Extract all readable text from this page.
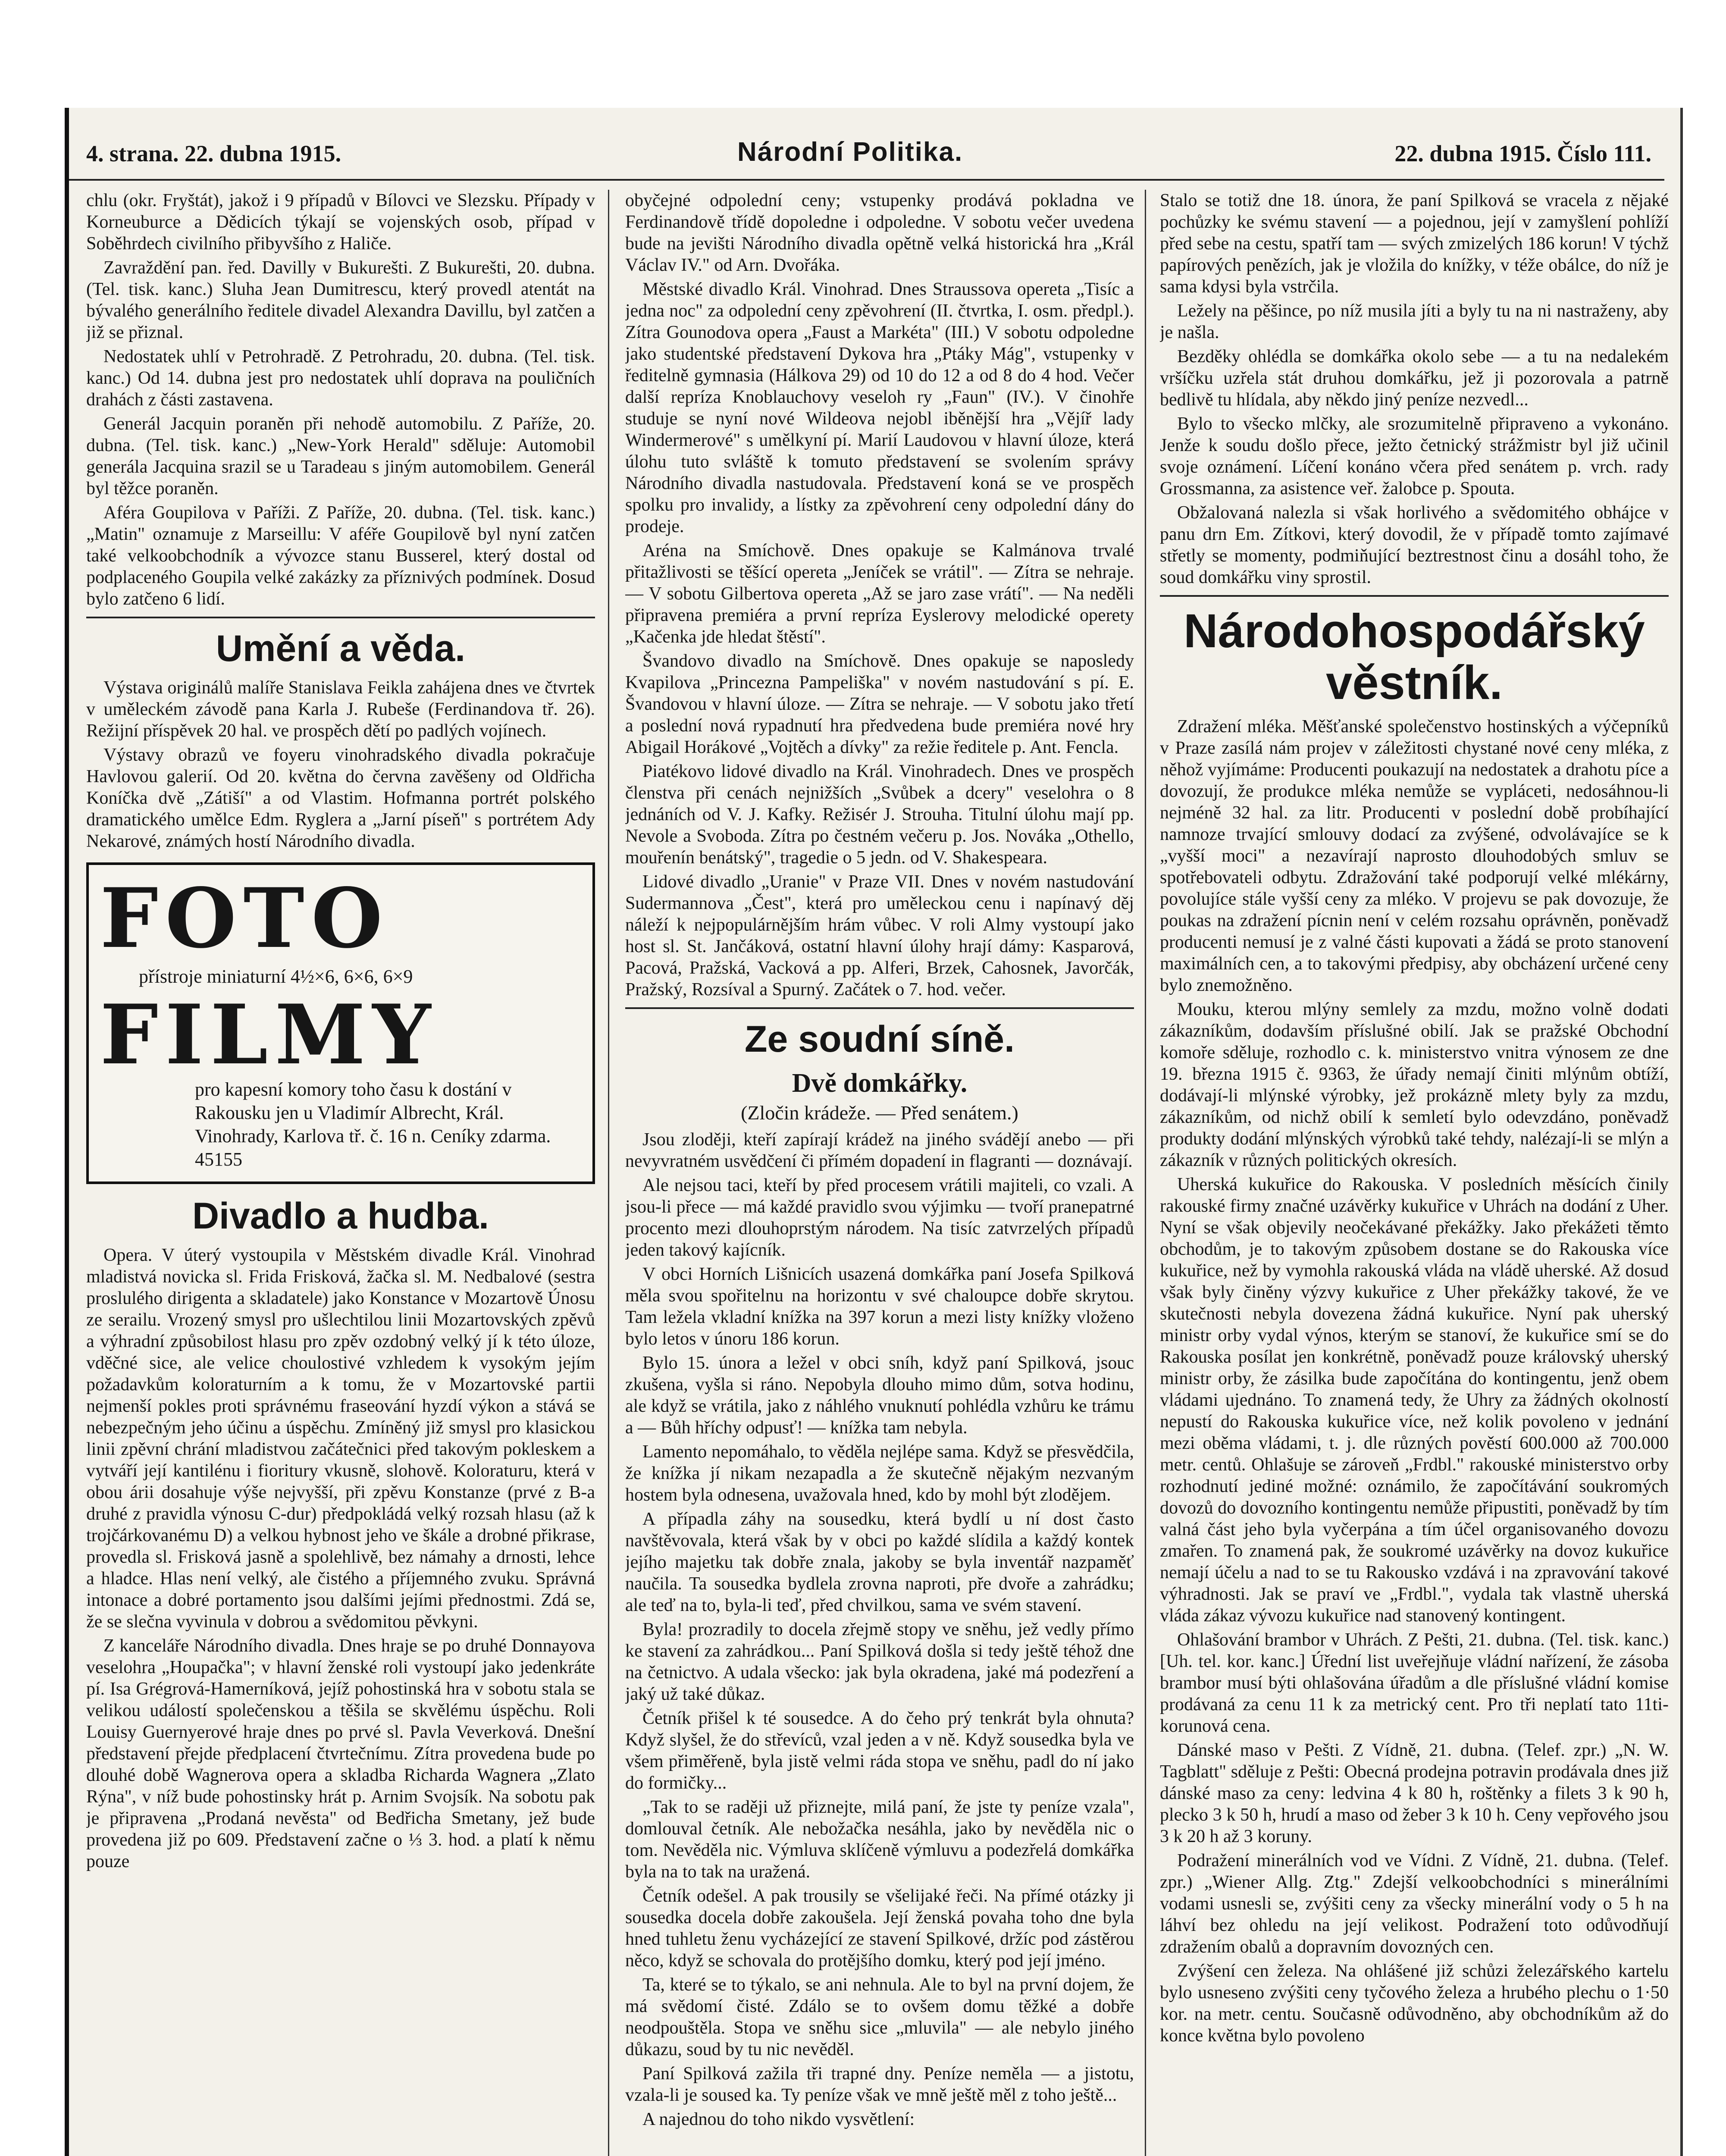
4. strana. 22. dubna 1915.	Národní Politika.	22. dubna 1915. Číslo 111.

chlu (okr. Fryštát), jakož i 9 případů v Bílovci ve Slezsku. Případy v Korneuburce a Dědicích týkají se vojenských osob, případ v Soběhrdech civilního přibyvšího z Haliče.

Zavraždění pan. řed. Davilly v Bukurešti. Z Bukurešti, 20. dubna. (Tel. tisk. kanc.) Sluha Jean Dumitrescu, který provedl atentát na bývalého generálního ředitele divadel Alexandra Davillu, byl zatčen a již se přiznal.

Nedostatek uhlí v Petrohradě. Z Petrohradu, 20. dubna. (Tel. tisk. kanc.) Od 14. dubna jest pro nedostatek uhlí doprava na pouličních drahách z části zastavena.

Generál Jacquin poraněn při nehodě automobilu. Z Paříže, 20. dubna. (Tel. tisk. kanc.) „New-York Herald" sděluje: Automobil generála Jacquina srazil se u Taradeau s jiným automobilem. Generál byl těžce poraněn.

Aféra Goupilova v Paříži. Z Paříže, 20. dubna. (Tel. tisk. kanc.) „Matin" oznamuje z Marseillu: V aféře Goupilově byl nyní zatčen také velkoobchodník a vývozce stanu Busserel, který dostal od podplaceného Goupila velké zakázky za příznivých podmínek. Dosud bylo zatčeno 6 lidí.

Umění a věda.

Výstava originálů malíře Stanislava Feikla zahájena dnes ve čtvrtek v uměleckém závodě pana Karla J. Rubeše (Ferdinandova tř. 26). Režijní příspěvek 20 hal. ve prospěch dětí po padlých vojínech.

Výstavy obrazů ve foyeru vinohradského divadla pokračuje Havlovou galerií. Od 20. května do června zavěšeny od Oldřicha Koníčka dvě „Zátiší" a od Vlastim. Hofmanna portrét polského dramatického umělce Edm. Ryglera a „Jarní píseň" s portrétem Ady Nekarové, známých hostí Národního divadla.

FOTO
přístroje miniaturní 4½×6, 6×6, 6×9
FILMY
pro kapesní komory toho času k dostání v Rakousku jen u Vladimír Albrecht, Král. Vinohrady, Karlova tř. č. 16 n. Ceníky zdarma. 45155
Divadlo a hudba.

Opera. V úterý vystoupila v Městském divadle Král. Vinohrad mladistvá novicka sl. Frida Frisková, žačka sl. M. Nedbalové (sestra proslulého dirigenta a skladatele) jako Konstance v Mozartově Únosu ze serailu. Vrozený smysl pro ušlechtilou linii Mozartovských zpěvů a výhradní způsobilost hlasu pro zpěv ozdobný velký jí k této úloze, vděčné sice, ale velice choulostivé vzhledem k vysokým jejím požadavkům koloraturním a k tomu, že v Mozartovské partii nejmenší pokles proti správnému fraseování hyzdí výkon a stává se nebezpečným jeho účinu a úspěchu. Zmíněný již smysl pro klasickou linii zpěvní chrání mladistvou začátečnici před takovým pokleskem a vytváří její kantilénu i fioritury vkusně, slohově. Koloraturu, která v obou árii dosahuje výše nejvyšší, při zpěvu Konstanze (prvé z B-a druhé z pravidla výnosu C-dur) předpokládá velký rozsah hlasu (až k trojčárkovanému D) a velkou hybnost jeho ve škále a drobné přikrase, provedla sl. Frisková jasně a spolehlivě, bez námahy a drnosti, lehce a hladce. Hlas není velký, ale čistého a příjemného zvuku. Správná intonace a dobré portamento jsou dalšími jejími přednostmi. Zdá se, že se slečna vyvinula v dobrou a svědomitou pěvkyni.

Z kanceláře Národního divadla. Dnes hraje se po druhé Donnayova veselohra „Houpačka"; v hlavní ženské roli vystoupí jako jedenkráte pí. Isa Grégrová-Hamerníková, jejíž pohostinská hra v sobotu stala se velikou událostí společenskou a těšila se skvělému úspěchu. Roli Louisy Guernyerové hraje dnes po prvé sl. Pavla Veverková. Dnešní představení přejde předplacení čtvrtečnímu. Zítra provedena bude po dlouhé době Wagnerova opera a skladba Richarda Wagnera „Zlato Rýna", v níž bude pohostinsky hrát p. Arnim Svojsík. Na sobotu pak je připravena „Prodaná nevěsta" od Bedřicha Smetany, jež bude provedena již po 609. Představení začne o ⅓ 3. hod. a platí k němu pouze

obyčejné odpolední ceny; vstupenky prodává pokladna ve Ferdinandově třídě dopoledne i odpoledne. V sobotu večer uvedena bude na jevišti Národního divadla opětně velká historická hra „Král Václav IV." od Arn. Dvořáka.

Městské divadlo Král. Vinohrad. Dnes Straussova opereta „Tisíc a jedna noc" za odpolední ceny zpěvohrení (II. čtvrtka, I. osm. předpl.). Zítra Gounodova opera „Faust a Markéta" (III.) V sobotu odpoledne jako studentské představení Dykova hra „Ptáky Mág", vstupenky v ředitelně gymnasia (Hálkova 29) od 10 do 12 a od 8 do 4 hod. Večer další repríza Knoblauchovy veseloh ry „Faun" (IV.). V činohře studuje se nyní nové Wildeova nejobl iběnější hra „Vějíř lady Windermerové" s umělkyní pí. Marií Laudovou v hlavní úloze, která úlohu tuto svláště k tomuto představení se svolením správy Národního divadla nastudovala. Představení koná se ve prospěch spolku pro invalidy, a lístky za zpěvohrení ceny odpolední dány do prodeje.

Aréna na Smíchově. Dnes opakuje se Kalmánova trvalé přitažlivosti se těšící opereta „Jeníček se vrátil". — Zítra se nehraje. — V sobotu Gilbertova opereta „Až se jaro zase vrátí". — Na neděli připravena premiéra a první repríza Eyslerovy melodické operety „Kačenka jde hledat štěstí".

Švandovo divadlo na Smíchově. Dnes opakuje se naposledy Kvapilova „Princezna Pampeliška" v novém nastudování s pí. E. Švandovou v hlavní úloze. — Zítra se nehraje. — V sobotu jako třetí a poslední nová rypadnutí hra předvedena bude premiéra nové hry Abigail Horákové „Vojtěch a dívky" za režie ředitele p. Ant. Fencla.

Piatékovo lidové divadlo na Král. Vinohradech. Dnes ve prospěch členstva při cenách nejnižších „Svůbek a dcery" veselohra o 8 jednáních od V. J. Kafky. Režisér J. Strouha. Titulní úlohu mají pp. Nevole a Svoboda. Zítra po čestném večeru p. Jos. Nováka „Othello, mouřenín benátský", tragedie o 5 jedn. od V. Shakespeara.

Lidové divadlo „Uranie" v Praze VII. Dnes v novém nastudování Sudermannova „Čest", která pro uměleckou cenu i napínavý děj náleží k nejpopulárnějším hrám vůbec. V roli Almy vystoupí jako host sl. St. Jančáková, ostatní hlavní úlohy hrají dámy: Kasparová, Pacová, Pražská, Vacková a pp. Alferi, Brzek, Cahosnek, Javorčák, Pražský, Rozsíval a Spurný. Začátek o 7. hod. večer.

Ze soudní síně.
Dvě domkářky.
(Zločin krádeže. — Před senátem.)

Jsou zloději, kteří zapírají krádež na jiného svádějí anebo — při nevyvratném usvědčení či přímém dopadení in flagranti — doznávají.

Ale nejsou taci, kteří by před procesem vrátili majiteli, co vzali. A jsou-li přece — má každé pravidlo svou výjimku — tvoří pranepatrné procento mezi dlouhoprstým národem. Na tisíc zatvrzelých případů jeden takový kajícník.

V obci Horních Lišnicích usazená domkářka paní Josefa Spilková měla svou spořitelnu na horizontu v své chaloupce dobře skrytou. Tam ležela vkladní knížka na 397 korun a mezi listy knížky vloženo bylo letos v únoru 186 korun.

Bylo 15. února a ležel v obci sníh, když paní Spilková, jsouc zkušena, vyšla si ráno. Nepobyla dlouho mimo dům, sotva hodinu, ale když se vrátila, jako z náhlého vnuknutí pohlédla vzhůru ke trámu a — Bůh hříchy odpusť! — knížka tam nebyla.

Lamento nepomáhalo, to věděla nejlépe sama. Když se přesvědčila, že knížka jí nikam nezapadla a že skutečně nějakým nezvaným hostem byla odnesena, uvažovala hned, kdo by mohl být zlodějem.

A případla záhy na sousedku, která bydlí u ní dost často navštěvovala, která však by v obci po každé slídila a každý kontek jejího majetku tak dobře znala, jakoby se byla inventář nazpaměť naučila. Ta sousedka bydlela zrovna naproti, pře dvoře a zahrádku; ale teď na to, byla-li teď, před chvilkou, sama ve svém stavení.

Byla! prozradily to docela zřejmě stopy ve sněhu, jež vedly přímo ke stavení za zahrádkou... Paní Spilková došla si tedy ještě téhož dne na četnictvo. A udala všecko: jak byla okradena, jaké má podezření a jaký už také důkaz.

Četník přišel k té sousedce. A do čeho prý tenkrát byla ohnuta? Když slyšel, že do střevíců, vzal jeden a v ně. Když sousedka byla ve všem přiměřeně, byla jistě velmi ráda stopa ve sněhu, padl do ní jako do formičky...

„Tak to se raději už přiznejte, milá paní, že jste ty peníze vzala", domlouval četník. Ale nebožačka nesáhla, jako by nevěděla nic o tom. Nevěděla nic. Výmluva sklíčeně výmluvu a podezřelá domkářka byla na to tak na uražená.

Četník odešel. A pak trousily se všelijaké řeči. Na přímé otázky ji sousedka docela dobře zakoušela. Její ženská povaha toho dne byla hned tuhletu ženu vycházející ze stavení Spilkové, držíc pod zástěrou něco, když se schovala do protějšího domku, který pod její jméno.

Ta, které se to týkalo, se ani nehnula. Ale to byl na první dojem, že má svědomí čisté. Zdálo se to ovšem domu těžké a dobře neodpouštěla. Stopa ve sněhu sice „mluvila" — ale nebylo jiného důkazu, soud by tu nic nevěděl.

Paní Spilková zažila tři trapné dny. Peníze neměla — a jistotu, vzala-li je soused ka. Ty peníze však ve mně ještě měl z toho ještě...

A najednou do toho nikdo vysvětlení:

Stalo se totiž dne 18. února, že paní Spilková se vracela z nějaké pochůzky ke svému stavení — a pojednou, její v zamyšlení pohlíží před sebe na cestu, spatří tam — svých zmizelých 186 korun! V týchž papírových penězích, jak je vložila do knížky, v téže obálce, do níž je sama kdysi byla vstrčila.

Ležely na pěšince, po níž musila jíti a byly tu na ni nastraženy, aby je našla.

Bezděky ohlédla se domkářka okolo sebe — a tu na nedalekém vršíčku uzřela stát druhou domkářku, jež ji pozorovala a patrně bedlivě tu hlídala, aby někdo jiný peníze nezvedl...

Bylo to všecko mlčky, ale srozumitelně připraveno a vykonáno. Jenže k soudu došlo přece, ježto četnický strážmistr byl již učinil svoje oznámení. Líčení konáno včera před senátem p. vrch. rady Grossmanna, za asistence veř. žalobce p. Spouta.

Obžalovaná nalezla si však horlivého a svědomitého obhájce v panu drn Em. Zítkovi, který dovodil, že v případě tomto zajímavé střetly se momenty, podmiňující beztrestnost činu a dosáhl toho, že soud domkářku viny sprostil.

Národohospodářský věstník.

Zdražení mléka. Měšťanské společenstvo hostinských a výčepníků v Praze zasílá nám projev v záležitosti chystané nové ceny mléka, z něhož vyjímáme: Producenti poukazují na nedostatek a drahotu píce a dovozují, že produkce mléka nemůže se vypláceti, nedosáhnou-li nejméně 32 hal. za litr. Producenti v poslední době probíhající namnoze trvající smlouvy dodací za zvýšené, odvolávajíce se k „vyšší moci" a nezavírají naprosto dlouhodobých smluv se spotřebovateli odbytu. Zdražování také podporují velké mlékárny, povolujíce stále vyšší ceny za mléko. V projevu se pak dovozuje, že poukas na zdražení pícnin není v celém rozsahu oprávněn, poněvadž producenti nemusí je z valné části kupovati a žádá se proto stanovení maximálních cen, a to takovými předpisy, aby obcházení určené ceny bylo znemožněno.

Mouku, kterou mlýny semlely za mzdu, možno volně dodati zákazníkům, dodavším příslušné obilí. Jak se pražské Obchodní komoře sděluje, rozhodlo c. k. ministerstvo vnitra výnosem ze dne 19. března 1915 č. 9363, že úřady nemají činiti mlýnům obtíží, dodávají-li mlýnské výrobky, jež prokázně mlety byly za mzdu, zákazníkům, od nichž obilí k semletí bylo odevzdáno, poněvadž produkty dodání mlýnských výrobků také tehdy, nalézají-li se mlýn a zákazník v různých politických okresích.

Uherská kukuřice do Rakouska. V posledních měsících činily rakouské firmy značné uzávěrky kukuřice v Uhrách na dodání z Uher. Nyní se však objevily neočekávané překážky. Jako překážeti těmto obchodům, je to takovým způsobem dostane se do Rakouska více kukuřice, než by vymohla rakouská vláda na vládě uherské. Až dosud však byly činěny výzvy kukuřice z Uher překážky takové, že ve skutečnosti nebyla dovezena žádná kukuřice. Nyní pak uherský ministr orby vydal výnos, kterým se stanoví, že kukuřice smí se do Rakouska posílat jen konkrétně, poněvadž pouze královský uherský ministr orby, že zásilka bude započítána do kontingentu, jenž obem vládami ujednáno. To znamená tedy, že Uhry za žádných okolností nepustí do Rakouska kukuřice více, než kolik povoleno v jednání mezi oběma vládami, t. j. dle různých pověstí 600.000 až 700.000 metr. centů. Ohlašuje se zároveň „Frdbl." rakouské ministerstvo orby rozhodnutí jediné možné: oznámilo, že započítávání soukromých dovozů do dovozního kontingentu nemůže připustiti, poněvadž by tím valná část jeho byla vyčerpána a tím účel organisovaného dovozu zmařen. To znamená pak, že soukromé uzávěrky na dovoz kukuřice nemají účelu a nad to se tu Rakousko vzdává i na zpravování takové výhradnosti. Jak se praví ve „Frdbl.", vydala tak vlastně uherská vláda zákaz vývozu kukuřice nad stanovený kontingent.

Ohlašování brambor v Uhrách. Z Pešti, 21. dubna. (Tel. tisk. kanc.) [Uh. tel. kor. kanc.] Úřední list uveřejňuje vládní nařízení, že zásoba brambor musí býti ohlašována úřadům a dle příslušné vládní komise prodávaná za cenu 11 k za metrický cent. Pro tři neplatí tato 11ti-korunová cena.

Dánské maso v Pešti. Z Vídně, 21. dubna. (Telef. zpr.) „N. W. Tagblatt" sděluje z Pešti: Obecná prodejna potravin prodávala dnes již dánské maso za ceny: ledvina 4 k 80 h, roštěnky a filets 3 k 90 h, plecko 3 k 50 h, hrudí a maso od žeber 3 k 10 h. Ceny vepřového jsou 3 k 20 h až 3 koruny.

Podražení minerálních vod ve Vídni. Z Vídně, 21. dubna. (Telef. zpr.) „Wiener Allg. Ztg." Zdejší velkoobchodníci s minerálními vodami usnesli se, zvýšiti ceny za všecky minerální vody o 5 h na láhví bez ohledu na její velikost. Podražení toto odůvodňují zdražením obalů a dopravním dovozných cen.

Zvýšení cen železa. Na ohlášené již schůzi železářského kartelu bylo usneseno zvýšiti ceny tyčového železa a hrubého plechu o 1·50 kor. na metr. centu. Současně odůvodněno, aby obchodníkům až do konce května bylo povoleno
